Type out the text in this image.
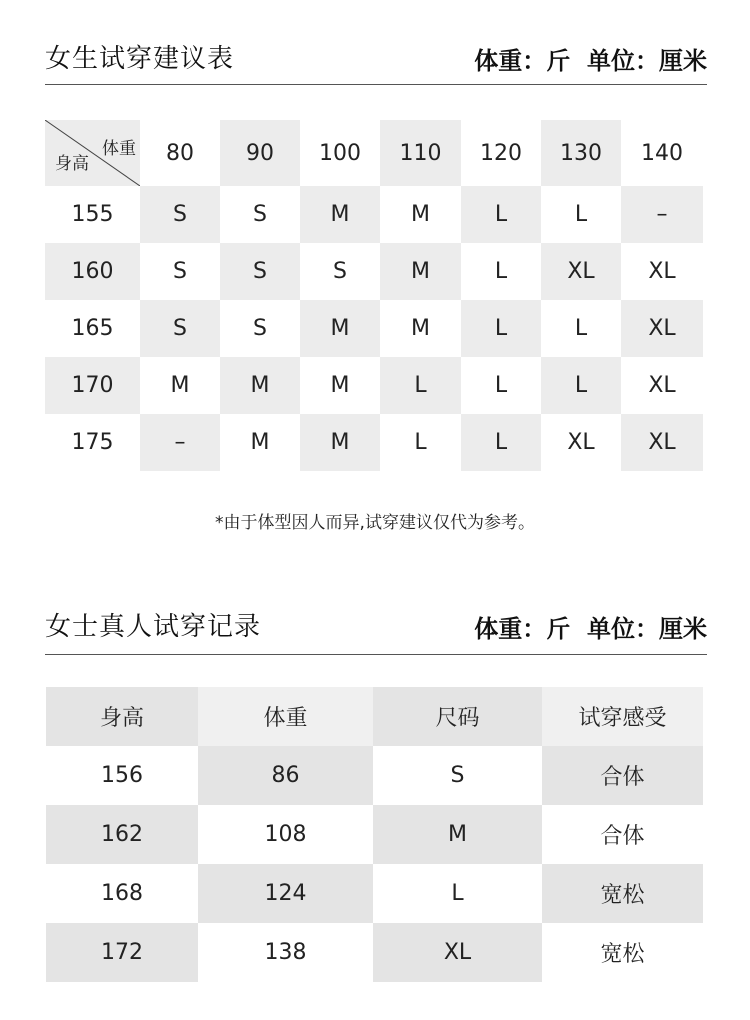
女生试穿建议表	体重：斤  单位：厘米
体重
身高	80	90	100	110	120	130	140
155	S	S	M	M	L	L	–
160	S	S	S	M	L	XL	XL
165	S	S	M	M	L	L	XL
170	M	M	M	L	L	L	XL
175	–	M	M	L	L	XL	XL
*由于体型因人而异,试穿建议仅代为参考。
女士真人试穿记录	体重：斤  单位：厘米
身高	体重	尺码	试穿感受
156	86	S	合体
162	108	M	合体
168	124	L	宽松
172	138	XL	宽松
